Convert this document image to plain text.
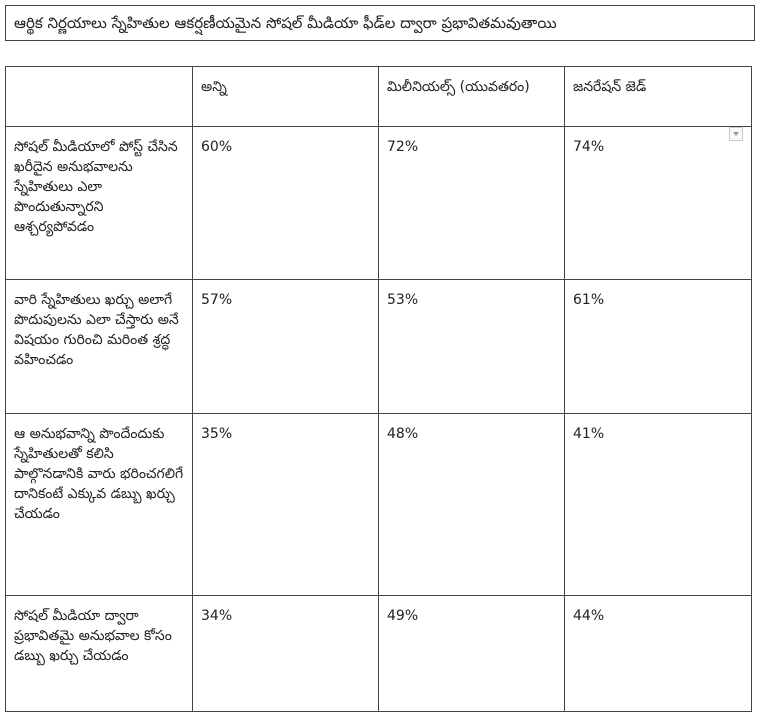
ఆర్థిక నిర్ణయాలు స్నేహితుల ఆకర్షణీయమైన సోషల్ మీడియా ఫీడ్‌ల ద్వారా ప్రభావితమవుతాయి
	అన్ని	మిలీనియల్స్ (యువతరం)	జనరేషన్ జెడ్
సోషల్ మీడియాలో పోస్ట్ చేసిన ఖరీదైన అనుభవాలను స్నేహితులు ఎలా పొందుతున్నారని ఆశ్చర్యపోవడం	60%	72%	74%
వారి స్నేహితులు ఖర్చు అలాగే పొదుపులను ఎలా చేస్తారు అనే విషయం గురించి మరింత శ్రద్ధ వహించడం	57%	53%	61%
ఆ అనుభవాన్ని పొందేందుకు స్నేహితులతో కలిసి పాల్గొనడానికి వారు భరించగలిగే దానికంటే ఎక్కువ డబ్బు ఖర్చు చేయడం	35%	48%	41%
సోషల్ మీడియా ద్వారా ప్రభావితమై అనుభవాల కోసం డబ్బు ఖర్చు చేయడం	34%	49%	44%
